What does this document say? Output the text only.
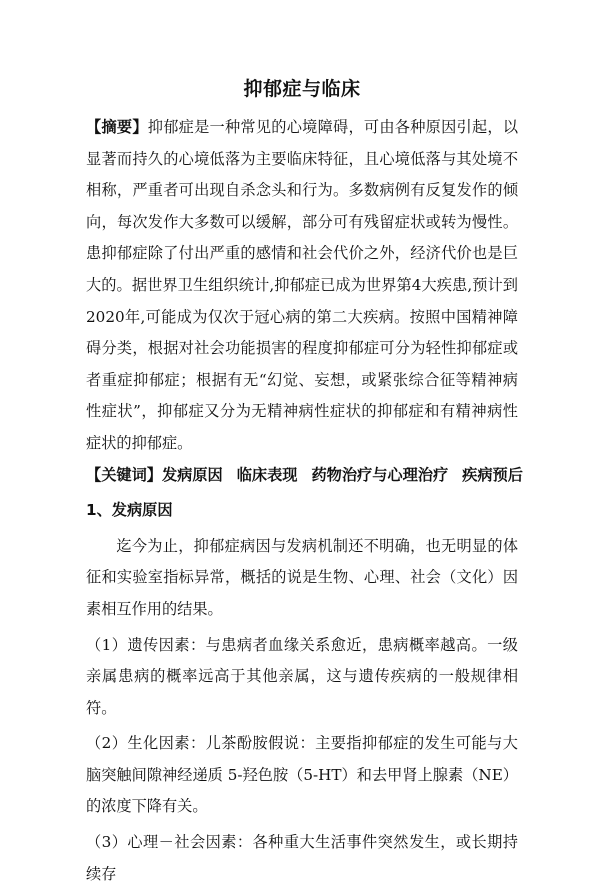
抑郁症与临床

【摘要】抑郁症是一种常见的心境障碍，可由各种原因引起，以显著而持久的心境低落为主要临床特征，且心境低落与其处境不相称，严重者可出现自杀念头和行为。多数病例有反复发作的倾向，每次发作大多数可以缓解，部分可有残留症状或转为慢性。患抑郁症除了付出严重的感情和社会代价之外，经济代价也是巨大的。据世界卫生组织统计,抑郁症已成为世界第4大疾患,预计到2020年,可能成为仅次于冠心病的第二大疾病。按照中国精神障碍分类，根据对社会功能损害的程度抑郁症可分为轻性抑郁症或者重症抑郁症；根据有无“幻觉、妄想，或紧张综合征等精神病性症状”，抑郁症又分为无精神病性症状的抑郁症和有精神病性症状的抑郁症。

【关键词】发病原因 临床表现 药物治疗与心理治疗 疾病预后

1、发病原因

迄今为止，抑郁症病因与发病机制还不明确，也无明显的体征和实验室指标异常，概括的说是生物、心理、社会（文化）因素相互作用的结果。

（1）遗传因素：与患病者血缘关系愈近，患病概率越高。一级亲属患病的概率远高于其他亲属，这与遗传疾病的一般规律相符。

（2）生化因素：儿茶酚胺假说：主要指抑郁症的发生可能与大脑突触间隙神经递质 5-羟色胺（5-HT）和去甲肾上腺素（NE）的浓度下降有关。

（3）心理－社会因素：各种重大生活事件突然发生，或长期持续存
